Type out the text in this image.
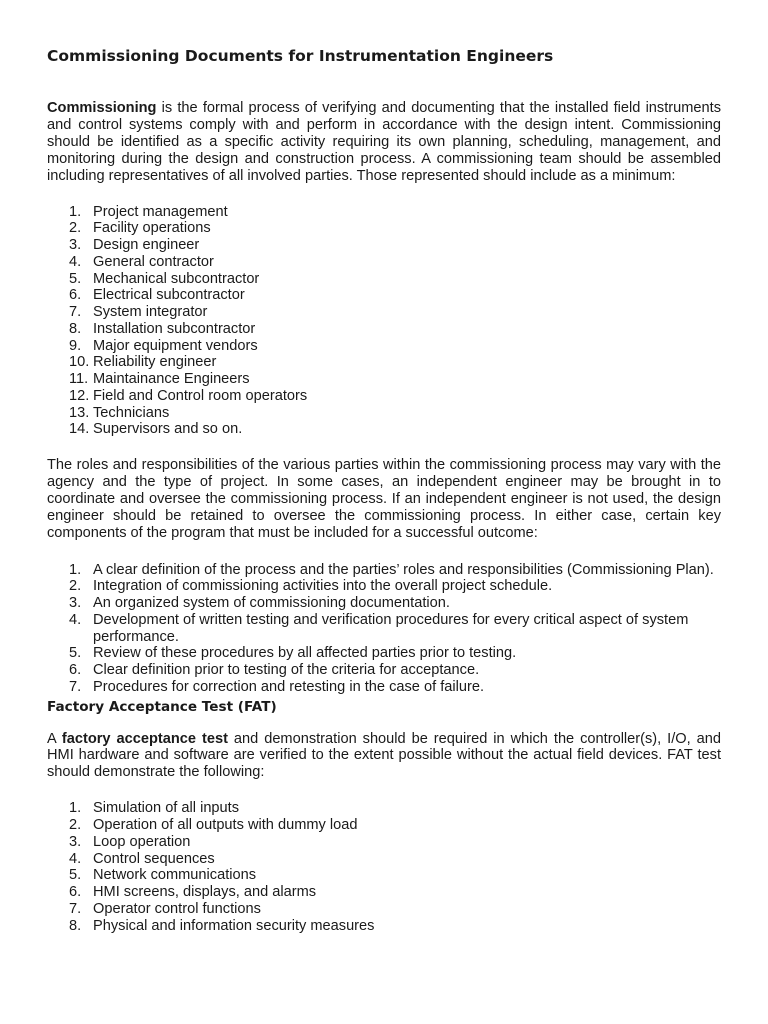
Commissioning Documents for Instrumentation Engineers

Commissioning is the formal process of verifying and documenting that the installed field instruments and control systems comply with and perform in accordance with the design intent. Commissioning should be identified as a specific activity requiring its own planning, scheduling, management, and monitoring during the design and construction process. A commissioning team should be assembled including representatives of all involved parties. Those represented should include as a minimum:

1. Project management
2. Facility operations
3. Design engineer
4. General contractor
5. Mechanical subcontractor
6. Electrical subcontractor
7. System integrator
8. Installation subcontractor
9. Major equipment vendors
10. Reliability engineer
11. Maintainance Engineers
12. Field and Control room operators
13. Technicians
14. Supervisors and so on.

The roles and responsibilities of the various parties within the commissioning process may vary with the agency and the type of project. In some cases, an independent engineer may be brought in to coordinate and oversee the commissioning process. If an independent engineer is not used, the design engineer should be retained to oversee the commissioning process. In either case, certain key components of the program that must be included for a successful outcome:

1. A clear definition of the process and the parties’ roles and responsibilities (Commissioning Plan).
2. Integration of commissioning activities into the overall project schedule.
3. An organized system of commissioning documentation.
4. Development of written testing and verification procedures for every critical aspect of system performance.
5. Review of these procedures by all affected parties prior to testing.
6. Clear definition prior to testing of the criteria for acceptance.
7. Procedures for correction and retesting in the case of failure.
Factory Acceptance Test (FAT)

A factory acceptance test and demonstration should be required in which the controller(s), I/O, and HMI hardware and software are verified to the extent possible without the actual field devices. FAT test should demonstrate the following:

1. Simulation of all inputs
2. Operation of all outputs with dummy load
3. Loop operation
4. Control sequences
5. Network communications
6. HMI screens, displays, and alarms
7. Operator control functions
8. Physical and information security measures
